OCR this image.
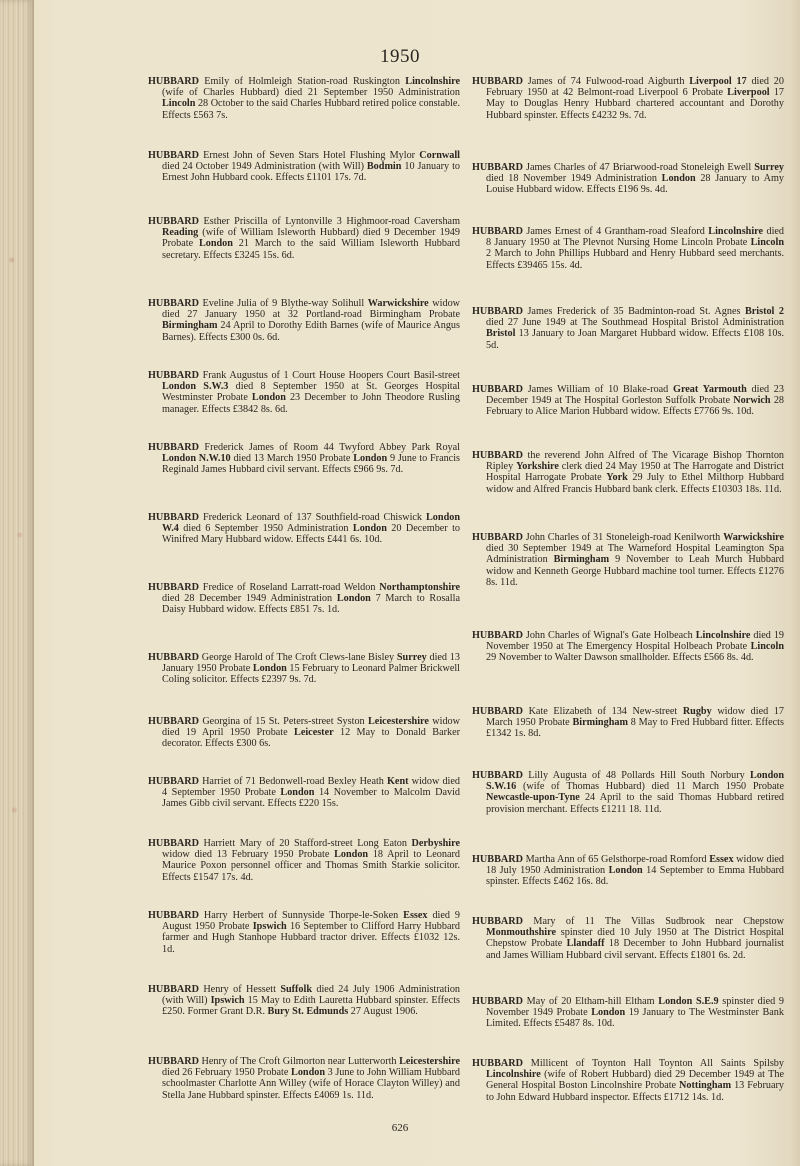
1950
HUBBARD Emily of Holmleigh Station-road Ruskington Lincolnshire (wife of Charles Hubbard) died 21 September 1950 Administration Lincoln 28 October to the said Charles Hubbard retired police constable. Effects £563 7s.
HUBBARD Ernest John of Seven Stars Hotel Flushing Mylor Cornwall died 24 October 1949 Administration (with Will) Bodmin 10 January to Ernest John Hubbard cook. Effects £1101 17s. 7d.
HUBBARD Esther Priscilla of Lyntonville 3 Highmoor-road Caversham Reading (wife of William Isleworth Hubbard) died 9 December 1949 Probate London 21 March to the said William Isleworth Hubbard secretary. Effects £3245 15s. 6d.
HUBBARD Eveline Julia of 9 Blythe-way Solihull Warwickshire widow died 27 January 1950 at 32 Portland-road Birmingham Probate Birmingham 24 April to Dorothy Edith Barnes (wife of Maurice Angus Barnes). Effects £300 0s. 6d.
HUBBARD Frank Augustus of 1 Court House Hoopers Court Basil-street London S.W.3 died 8 September 1950 at St. Georges Hospital Westminster Probate London 23 December to John Theodore Rusling manager. Effects £3842 8s. 6d.
HUBBARD Frederick James of Room 44 Twyford Abbey Park Royal London N.W.10 died 13 March 1950 Probate London 9 June to Francis Reginald James Hubbard civil servant. Effects £966 9s. 7d.
HUBBARD Frederick Leonard of 137 Southfield-road Chiswick London W.4 died 6 September 1950 Administration London 20 December to Winifred Mary Hubbard widow. Effects £441 6s. 10d.
HUBBARD Fredice of Roseland Larratt-road Weldon Northamptonshire died 28 December 1949 Administration London 7 March to Rosalla Daisy Hubbard widow. Effects £851 7s. 1d.
HUBBARD George Harold of The Croft Clews-lane Bisley Surrey died 13 January 1950 Probate London 15 February to Leonard Palmer Brickwell Coling solicitor. Effects £2397 9s. 7d.
HUBBARD Georgina of 15 St. Peters-street Syston Leicestershire widow died 19 April 1950 Probate Leicester 12 May to Donald Barker decorator. Effects £300 6s.
HUBBARD Harriet of 71 Bedonwell-road Bexley Heath Kent widow died 4 September 1950 Probate London 14 November to Malcolm David James Gibb civil servant. Effects £220 15s.
HUBBARD Harriett Mary of 20 Stafford-street Long Eaton Derbyshire widow died 13 February 1950 Probate London 18 April to Leonard Maurice Poxon personnel officer and Thomas Smith Starkie solicitor. Effects £1547 17s. 4d.
HUBBARD Harry Herbert of Sunnyside Thorpe-le-Soken Essex died 9 August 1950 Probate Ipswich 16 September to Clifford Harry Hubbard farmer and Hugh Stanhope Hubbard tractor driver. Effects £1032 12s. 1d.
HUBBARD Henry of Hessett Suffolk died 24 July 1906 Administration (with Will) Ipswich 15 May to Edith Lauretta Hubbard spinster. Effects £250. Former Grant D.R. Bury St. Edmunds 27 August 1906.
HUBBARD Henry of The Croft Gilmorton near Lutterworth Leicestershire died 26 February 1950 Probate London 3 June to John William Hubbard schoolmaster Charlotte Ann Willey (wife of Horace Clayton Willey) and Stella Jane Hubbard spinster. Effects £4069 1s. 11d.
HUBBARD James of 74 Fulwood-road Aigburth Liverpool 17 died 20 February 1950 at 42 Belmont-road Liverpool 6 Probate Liverpool 17 May to Douglas Henry Hubbard chartered accountant and Dorothy Hubbard spinster. Effects £4232 9s. 7d.
HUBBARD James Charles of 47 Briarwood-road Stoneleigh Ewell Surrey died 18 November 1949 Administration London 28 January to Amy Louise Hubbard widow. Effects £196 9s. 4d.
HUBBARD James Ernest of 4 Grantham-road Sleaford Lincolnshire died 8 January 1950 at The Plevnot Nursing Home Lincoln Probate Lincoln 2 March to John Phillips Hubbard and Henry Hubbard seed merchants. Effects £39465 15s. 4d.
HUBBARD James Frederick of 35 Badminton-road St. Agnes Bristol 2 died 27 June 1949 at The Southmead Hospital Bristol Administration Bristol 13 January to Joan Margaret Hubbard widow. Effects £108 10s. 5d.
HUBBARD James William of 10 Blake-road Great Yarmouth died 23 December 1949 at The Hospital Gorleston Suffolk Probate Norwich 28 February to Alice Marion Hubbard widow. Effects £7766 9s. 10d.
HUBBARD the reverend John Alfred of The Vicarage Bishop Thornton Ripley Yorkshire clerk died 24 May 1950 at The Harrogate and District Hospital Harrogate Probate York 29 July to Ethel Milthorp Hubbard widow and Alfred Francis Hubbard bank clerk. Effects £10303 18s. 11d.
HUBBARD John Charles of 31 Stoneleigh-road Kenilworth Warwickshire died 30 September 1949 at The Warneford Hospital Leamington Spa Administration Birmingham 9 November to Leah Murch Hubbard widow and Kenneth George Hubbard machine tool turner. Effects £1276 8s. 11d.
HUBBARD John Charles of Wignal's Gate Holbeach Lincolnshire died 19 November 1950 at The Emergency Hospital Holbeach Probate Lincoln 29 November to Walter Dawson smallholder. Effects £566 8s. 4d.
HUBBARD Kate Elizabeth of 134 New-street Rugby widow died 17 March 1950 Probate Birmingham 8 May to Fred Hubbard fitter. Effects £1342 1s. 8d.
HUBBARD Lilly Augusta of 48 Pollards Hill South Norbury London S.W.16 (wife of Thomas Hubbard) died 11 March 1950 Probate Newcastle-upon-Tyne 24 April to the said Thomas Hubbard retired provision merchant. Effects £1211 18. 11d.
HUBBARD Martha Ann of 65 Gelsthorpe-road Romford Essex widow died 18 July 1950 Administration London 14 September to Emma Hubbard spinster. Effects £462 16s. 8d.
HUBBARD Mary of 11 The Villas Sudbrook near Chepstow Monmouthshire spinster died 10 July 1950 at The District Hospital Chepstow Probate Llandaff 18 December to John Hubbard journalist and James William Hubbard civil servant. Effects £1801 6s. 2d.
HUBBARD May of 20 Eltham-hill Eltham London S.E.9 spinster died 9 November 1949 Probate London 19 January to The Westminster Bank Limited. Effects £5487 8s. 10d.
HUBBARD Millicent of Toynton Hall Toynton All Saints Spilsby Lincolnshire (wife of Robert Hubbard) died 29 December 1949 at The General Hospital Boston Lincolnshire Probate Nottingham 13 February to John Edward Hubbard inspector. Effects £1712 14s. 1d.
626
